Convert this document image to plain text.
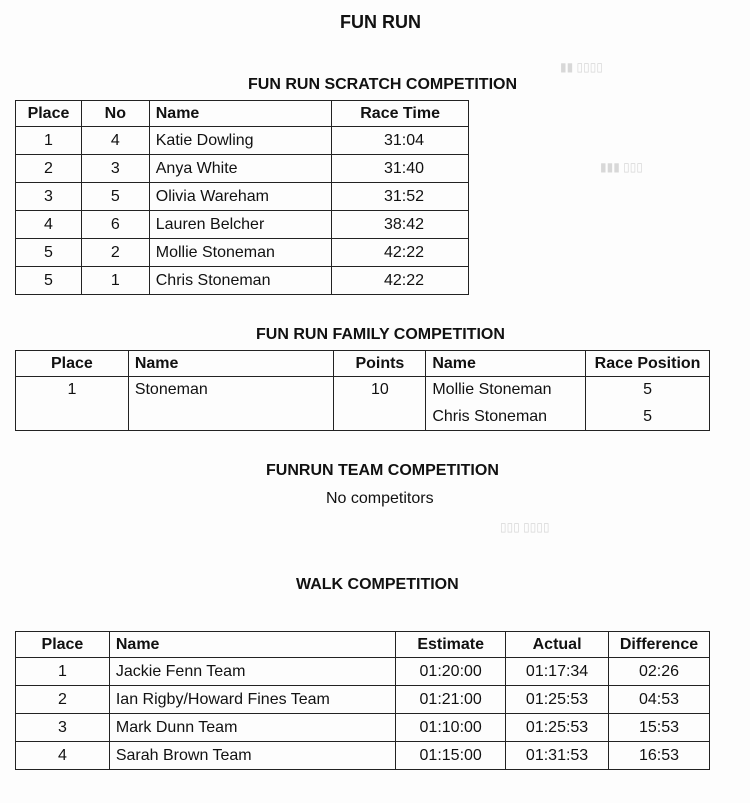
▮▮ ▯▯▯▯
▮▮▮ ▯▯▯
▯▯▯ ▯▯▯▯
FUN RUN
FUN RUN SCRATCH COMPETITION
Place	No	Name	Race Time
1	4	Katie Dowling	31:04
2	3	Anya White	31:40
3	5	Olivia Wareham	31:52
4	6	Lauren Belcher	38:42
5	2	Mollie Stoneman	42:22
5	1	Chris Stoneman	42:22
FUN RUN FAMILY COMPETITION
Place	Name	Points	Name	Race Position
1	Stoneman	10	Mollie Stoneman	5
			Chris Stoneman	5
FUNRUN TEAM COMPETITION
No competitors
WALK COMPETITION
Place	Name	Estimate	Actual	Difference
1	Jackie Fenn Team	01:20:00	01:17:34	02:26
2	Ian Rigby/Howard Fines Team	01:21:00	01:25:53	04:53
3	Mark Dunn Team	01:10:00	01:25:53	15:53
4	Sarah Brown Team	01:15:00	01:31:53	16:53
